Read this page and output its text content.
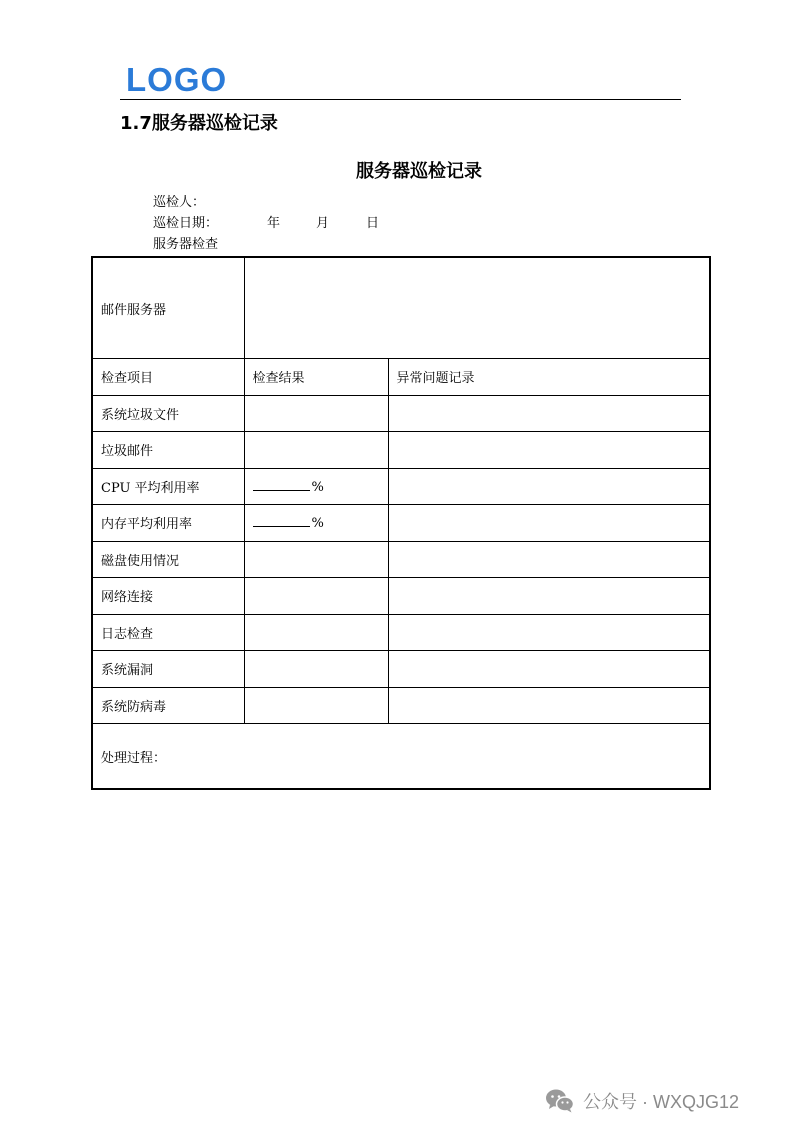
LOGO
1.7服务器巡检记录
服务器巡检记录
巡检人：
巡检日期：	年	月	日
服务器检查
邮件服务器		
检查项目	检查结果	异常问题记录
系统垃圾文件		
垃圾邮件		
CPU 平均利用率	%	
内存平均利用率	%	
磁盘使用情况		
网络连接		
日志检查		
系统漏洞		
系统防病毒		
处理过程：		
公众号 · WXQJG12
